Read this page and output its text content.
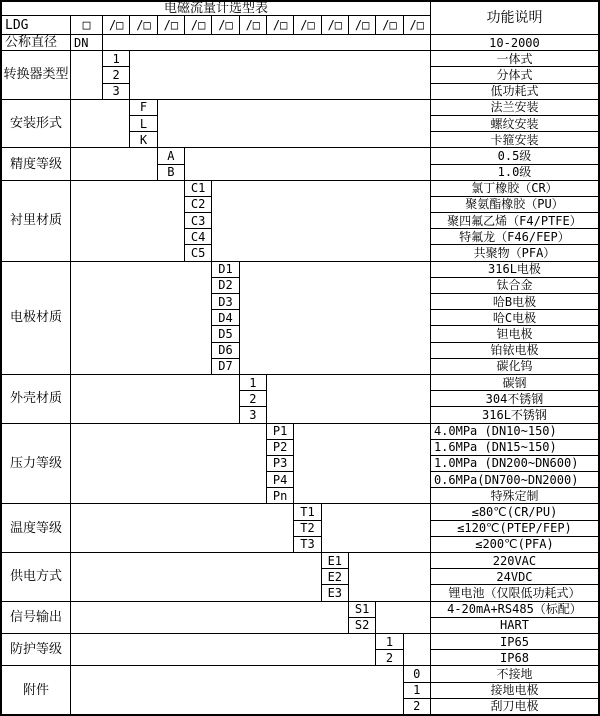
电磁流量计选型表
功能说明
LDG	□	/□	/□	/□	/□	/□	/□	/□	/□	/□	/□	/□	/□
公称直径	DN	10-2000
转换器类型
1	一体式
2	分体式
3	低功耗式
安装形式
F	法兰安装
L	螺纹安装
K	卡箍安装
精度等级
A	0.5级
B	1.0级
衬里材质
C1	氯丁橡胶（CR）
C2	聚氨酯橡胶（PU）
C3	聚四氟乙烯（F4/PTFE）
C4	特氟龙（F46/FEP）
C5	共聚物（PFA）
电极材质
D1	316L电极
D2	钛合金
D3	哈B电极
D4	哈C电极
D5	钽电极
D6	铂铱电极
D7	碳化钨
外壳材质
1	碳钢
2	304不锈钢
3	316L不锈钢
压力等级
P1	4.0MPa (DN10~150)
P2	1.6MPa (DN15~150)
P3	1.0MPa (DN200~DN600)
P4	0.6MPa(DN700~DN2000)
Pn	特殊定制
温度等级
T1	≤80℃(CR/PU)
T2	≤120℃(PTEP/FEP)
T3	≤200℃(PFA)
供电方式
E1	220VAC
E2	24VDC
E3	锂电池（仅限低功耗式）
信号输出
S1	4-20mA+RS485（标配）
S2	HART
防护等级
1	IP65
2	IP68
附件
0	不接地
1	接地电极
2	刮刀电极
